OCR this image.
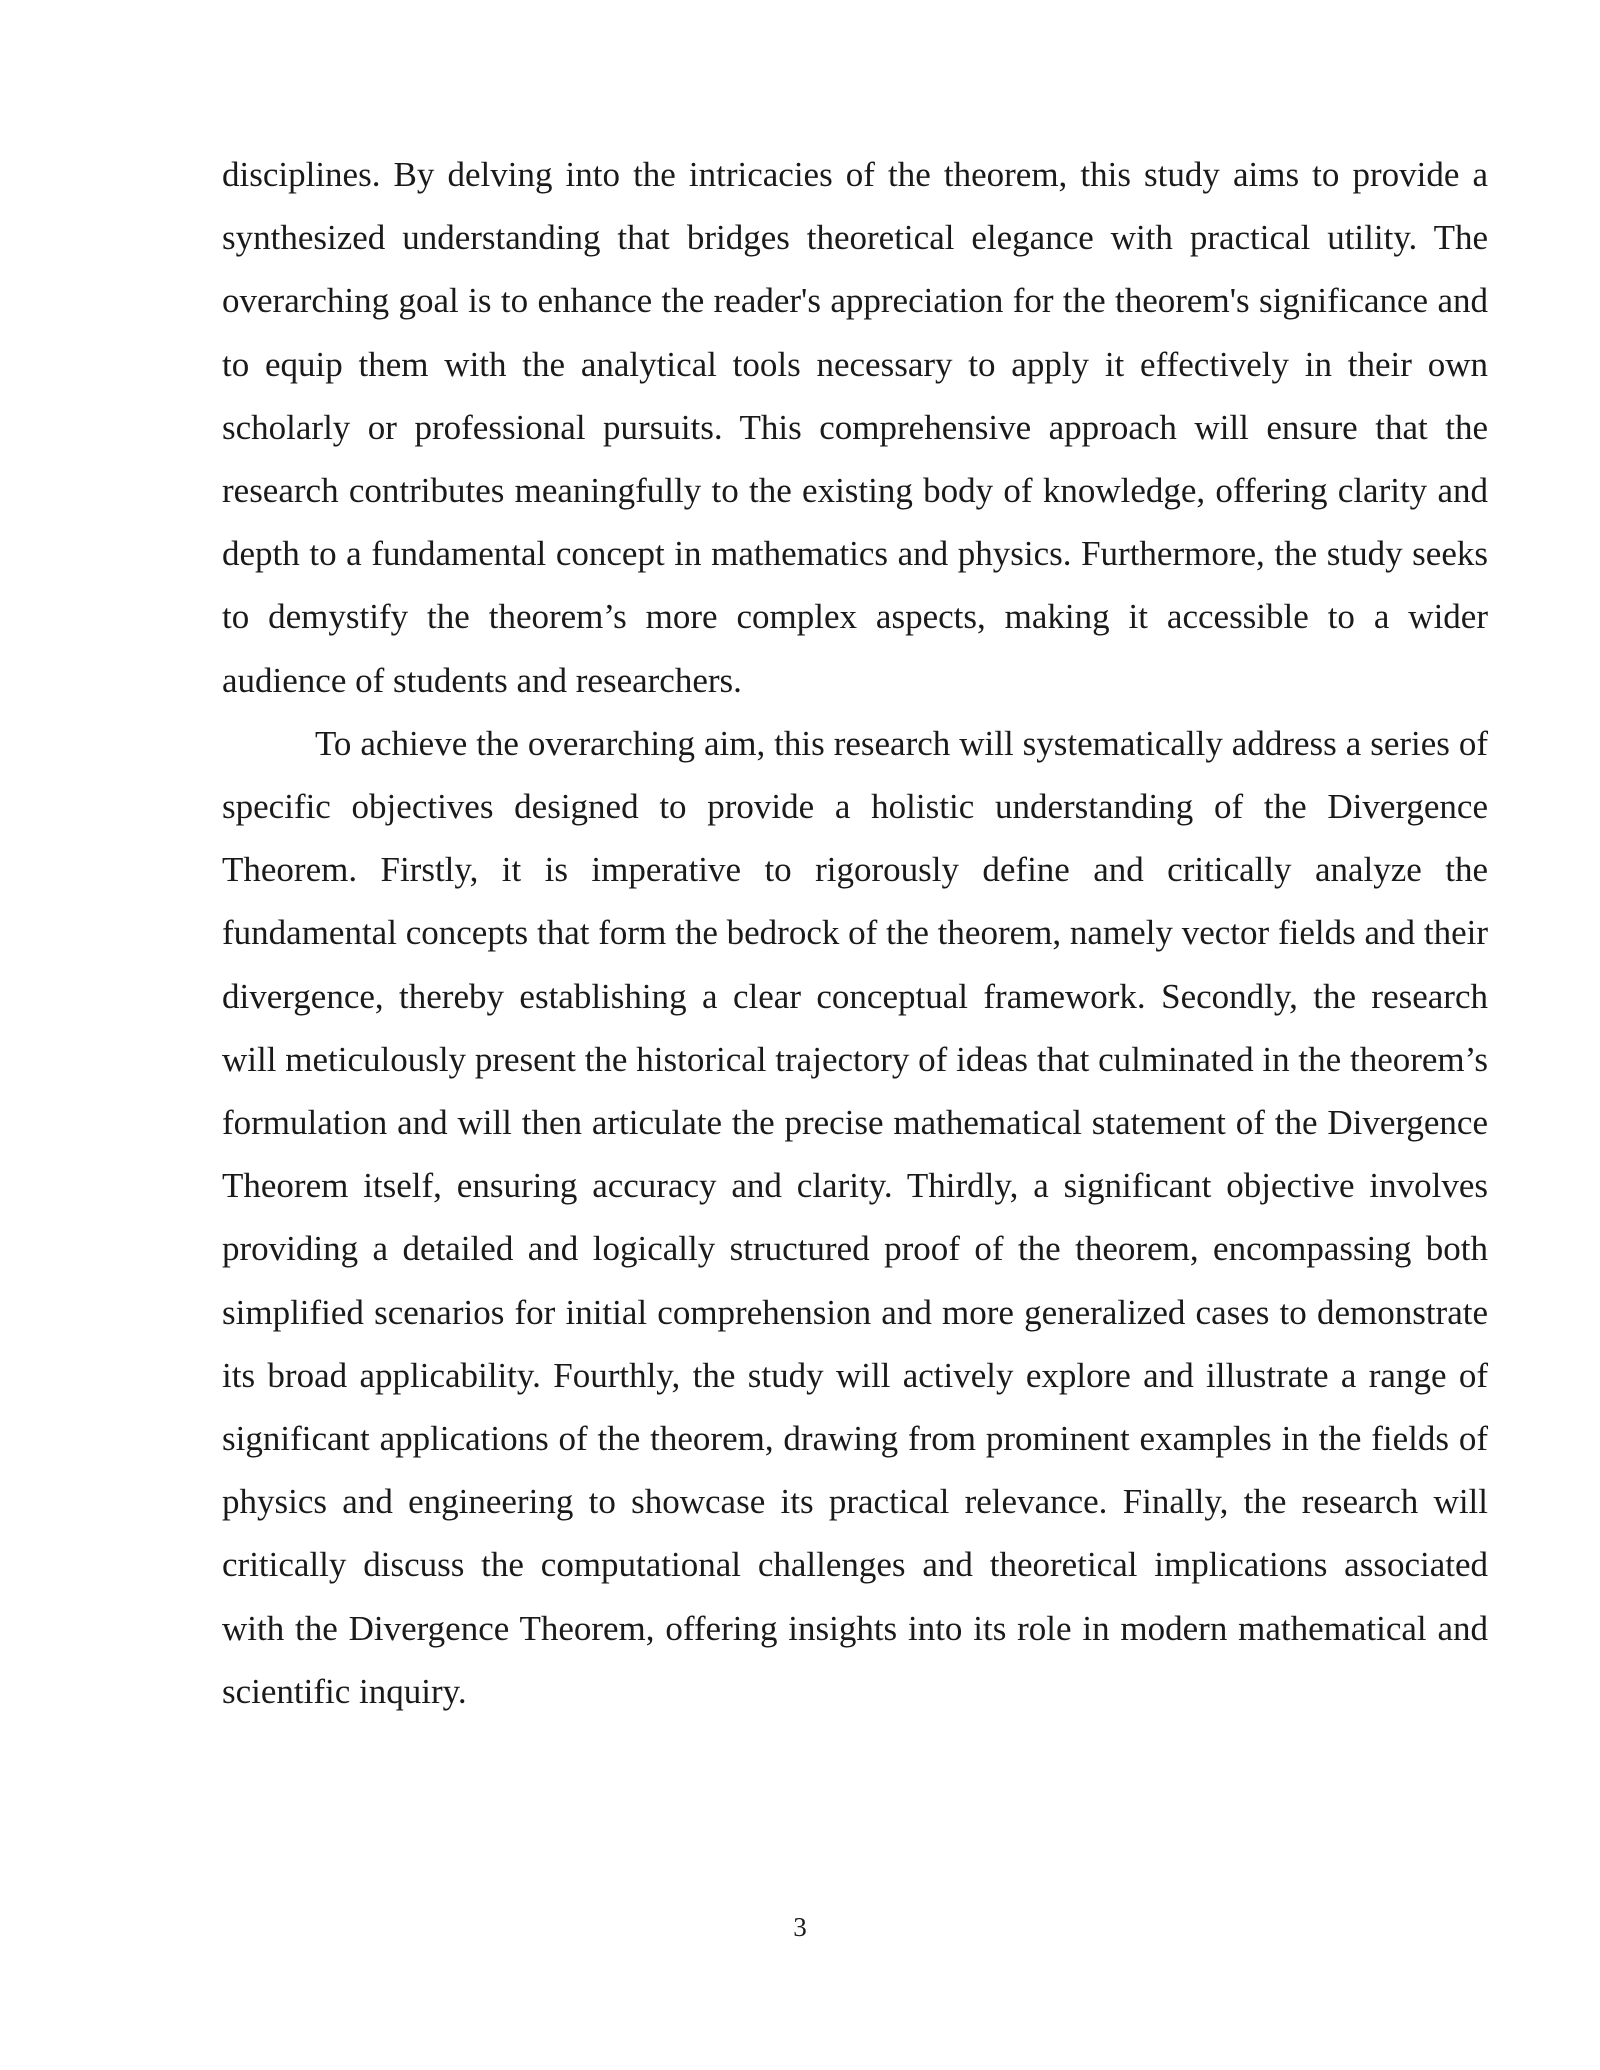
disciplines. By delving into the intricacies of the theorem, this study aims to provide a synthesized understanding that bridges theoretical elegance with practical utility. The overarching goal is to enhance the reader's appreciation for the theorem's significance and to equip them with the analytical tools necessary to apply it effectively in their own scholarly or professional pursuits. This comprehensive approach will ensure that the research contributes meaningfully to the existing body of knowledge, offering clarity and depth to a fundamental concept in mathematics and physics. Furthermore, the study seeks to demystify the theorem’s more complex aspects, making it accessible to a wider audience of students and researchers.

To achieve the overarching aim, this research will systematically address a series of specific objectives designed to provide a holistic understanding of the Divergence Theorem. Firstly, it is imperative to rigorously define and critically analyze the fundamental concepts that form the bedrock of the theorem, namely vector fields and their divergence, thereby establishing a clear conceptual framework. Secondly, the research will meticulously present the historical trajectory of ideas that culminated in the theorem’s formulation and will then articulate the precise mathematical statement of the Divergence Theorem itself, ensuring accuracy and clarity. Thirdly, a significant objective involves providing a detailed and logically structured proof of the theorem, encompassing both simplified scenarios for initial comprehension and more generalized cases to demonstrate its broad applicability. Fourthly, the study will actively explore and illustrate a range of significant applications of the theorem, drawing from prominent examples in the fields of physics and engineering to showcase its practical relevance. Finally, the research will critically discuss the computational challenges and theoretical implications associated with the Divergence Theorem, offering insights into its role in modern mathematical and scientific inquiry.

3
